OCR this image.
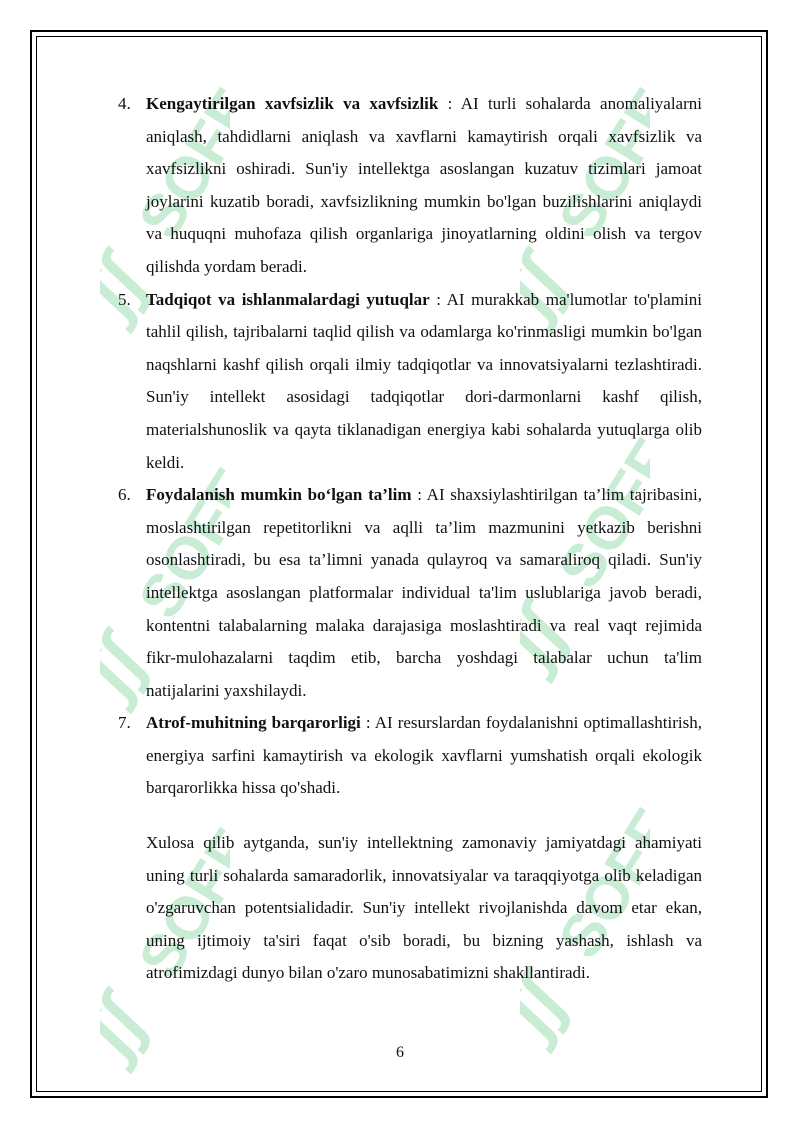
ʃʃ
SOFF
ʃʃ
SOFF
ʃʃ
SOFF
ʃʃ
SOFF
ʃʃ
SOFF
ʃʃ
SOFF
4. Kengaytirilgan xavfsizlik va xavfsizlik : AI turli sohalarda anomaliyalarni aniqlash, tahdidlarni aniqlash va xavflarni kamaytirish orqali xavfsizlik va xavfsizlikni oshiradi. Sun'iy intellektga asoslangan kuzatuv tizimlari jamoat joylarini kuzatib boradi, xavfsizlikning mumkin bo'lgan buzilishlarini aniqlaydi va huquqni muhofaza qilish organlariga jinoyatlarning oldini olish va tergov qilishda yordam beradi.
5. Tadqiqot va ishlanmalardagi yutuqlar : AI murakkab ma'lumotlar to'plamini tahlil qilish, tajribalarni taqlid qilish va odamlarga ko'rinmasligi mumkin bo'lgan naqshlarni kashf qilish orqali ilmiy tadqiqotlar va innovatsiyalarni tezlashtiradi. Sun'iy intellekt asosidagi tadqiqotlar dori-darmonlarni kashf qilish, materialshunoslik va qayta tiklanadigan energiya kabi sohalarda yutuqlarga olib keldi.
6. Foydalanish mumkin bo‘lgan ta’lim : AI shaxsiylashtirilgan ta’lim tajribasini, moslashtirilgan repetitorlikni va aqlli ta’lim mazmunini yetkazib berishni osonlashtiradi, bu esa ta’limni yanada qulayroq va samaraliroq qiladi. Sun'iy intellektga asoslangan platformalar individual ta'lim uslublariga javob beradi, kontentni talabalarning malaka darajasiga moslashtiradi va real vaqt rejimida fikr-mulohazalarni taqdim etib, barcha yoshdagi talabalar uchun ta'lim natijalarini yaxshilaydi.
7. Atrof-muhitning barqarorligi : AI resurslardan foydalanishni optimallashtirish, energiya sarfini kamaytirish va ekologik xavflarni yumshatish orqali ekologik barqarorlikka hissa qo'shadi.

Xulosa qilib aytganda, sun'iy intellektning zamonaviy jamiyatdagi ahamiyati uning turli sohalarda samaradorlik, innovatsiyalar va taraqqiyotga olib keladigan o'zgaruvchan potentsialidadir. Sun'iy intellekt rivojlanishda davom etar ekan, uning ijtimoiy ta'siri faqat o'sib boradi, bu bizning yashash, ishlash va atrofimizdagi dunyo bilan o'zaro munosabatimizni shakllantiradi.

6
